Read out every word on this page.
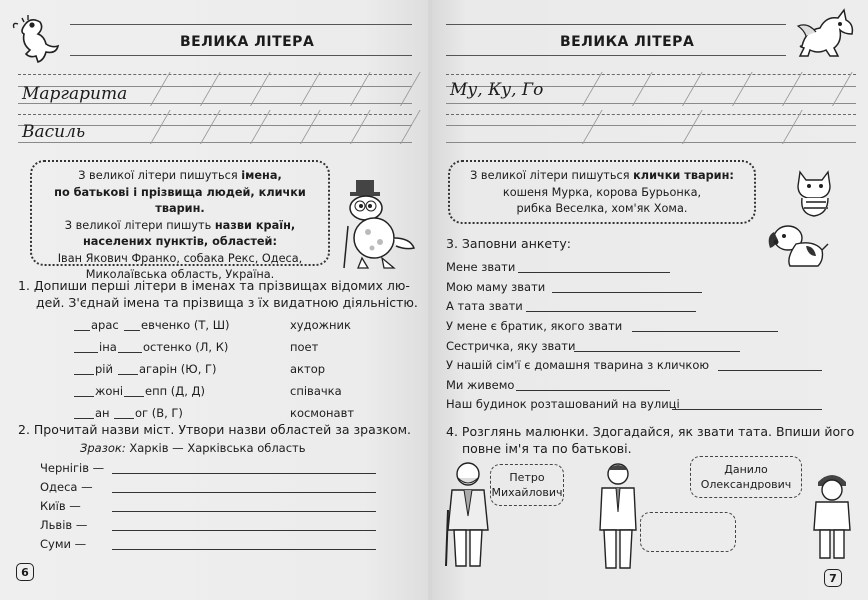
ВЕЛИКА ЛІТЕРА
Маргарита
Василь
З великої літери пишуться імена,
по батькові і прізвища людей, клички тварин.
З великої літери пишуть назви країн,
населених пунктів, областей:
Іван Якович Франко, собака Рекс, Одеса,
Миколаївська область, Україна.
1. Допиши перші літери в іменах та прізвищах відомих лю-
дей. З'єднай імена та прізвища з їх видатною діяльністю.
арас евченко (Т, Ш)	художник
іна остенко (Л, К)	поет
рій агарін (Ю, Г)	актор
жоні епп (Д, Д)	співачка
ан ог (В, Г)	космонавт
2. Прочитай назви міст. Утвори назви областей за зразком.
Зразок: Харків — Харківська область
Чернігів —
Одеса —
Київ —
Львів —
Суми —
6
ВЕЛИКА ЛІТЕРА
Му, Ку, Го
З великої літери пишуться клички тварин:
кошеня Мурка, корова Бурьонка,
рибка Веселка, хом'як Хома.
3. Заповни анкету:
Мене звати
Мою маму звати
А тата звати
У мене є братик, якого звати
Сестричка, яку звати
У нашій сім'ї є домашня тварина з кличкою
Ми живемо
Наш будинок розташований на вулиці
4. Розглянь малюнки. Здогадайся, як звати тата. Впиши його
повне ім'я та по батькові.
Петро
Михайлович
Данило
Олександрович
7
